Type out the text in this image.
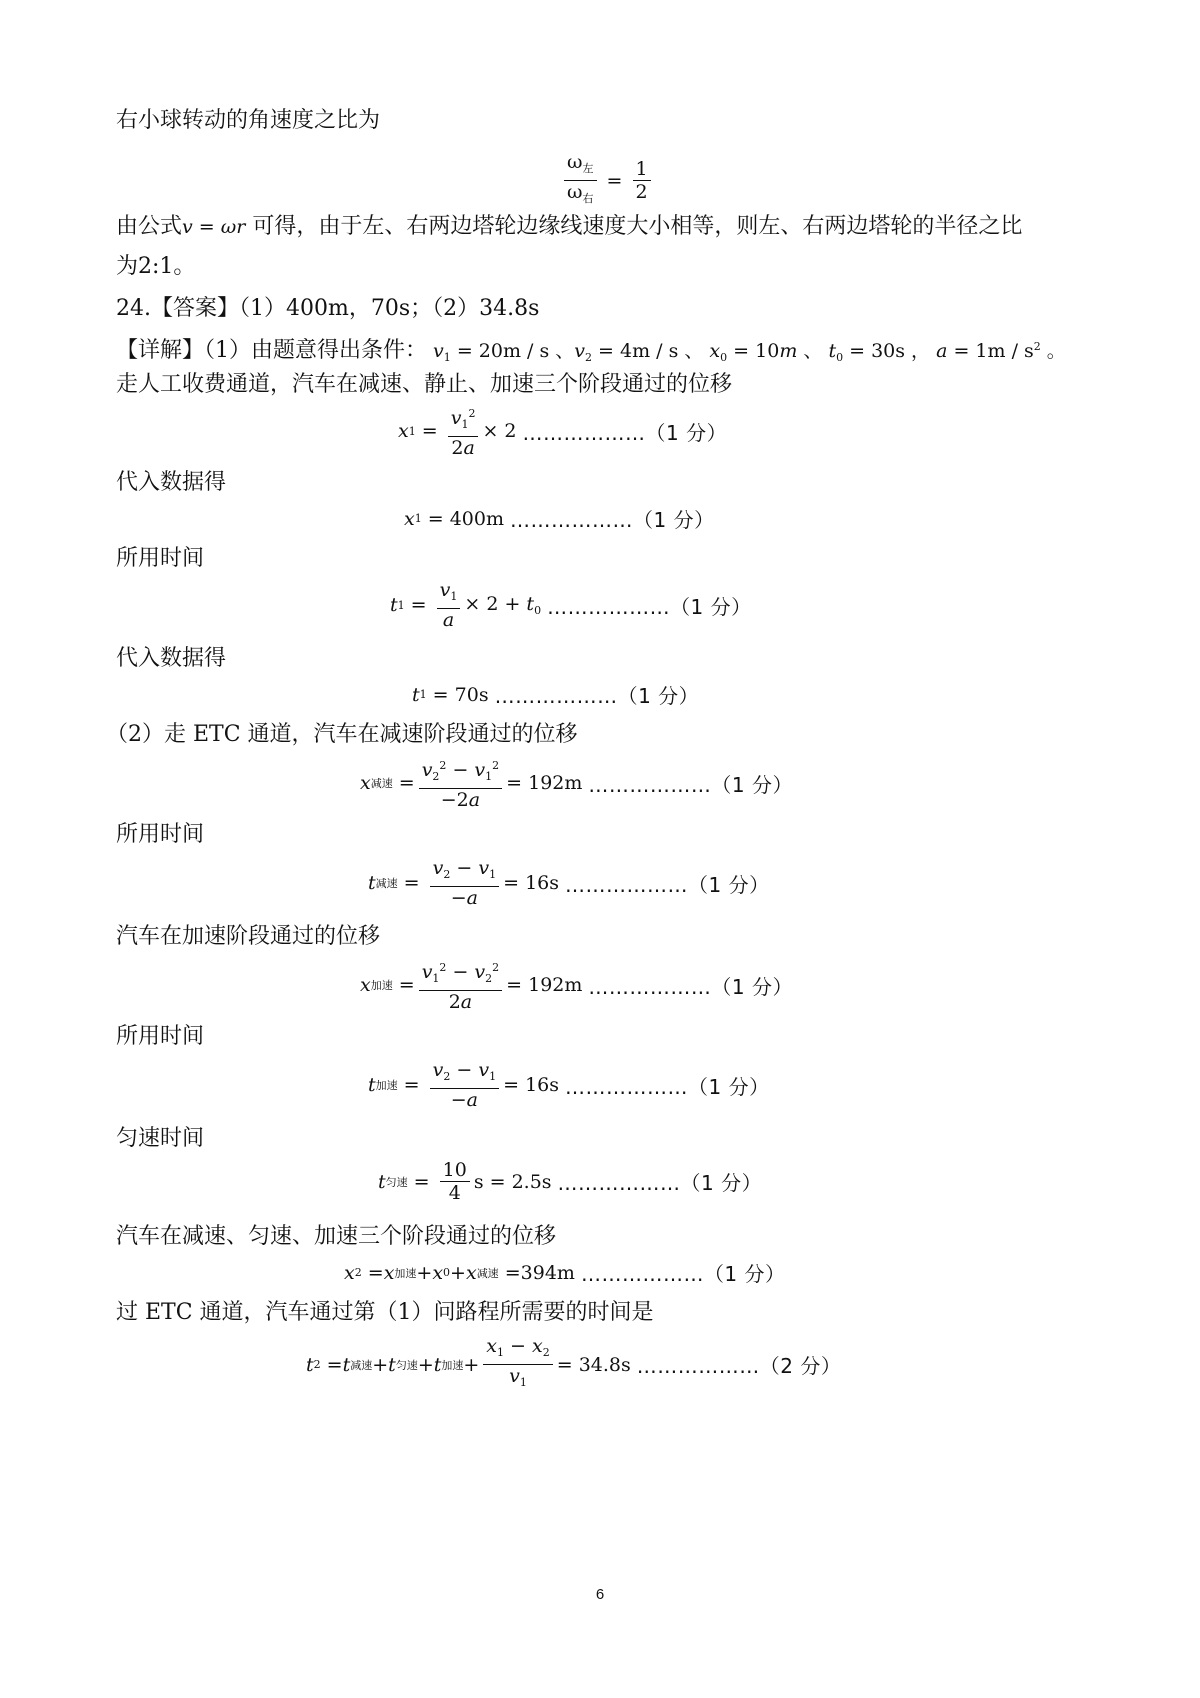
右小球转动的角速度之比为
$\frac{\omega_左}{\omega_右} = \frac{1}{2}$
由公式v = ωr 可得，由于左、右两边塔轮边缘线速度大小相等，则左、右两边塔轮的半径之比
为2:1。
24.【答案】（1）400m，70s；（2）34.8s
【详解】（1）由题意得出条件： $v_1 = 20m / s$ 、$v_2 = 4m / s$ 、 $x_0 = 10m$ 、 $t_0 = 30s$ ， $a = 1m / s^2$ 。
走人工收费通道，汽车在减速、静止、加速三个阶段通过的位移
x $1 = \frac{v_1^2}{2a} \times 2$ ………………（1 分）
代入数据得
x 1 = 400m ………………（1 分）
所用时间
t $1 = \frac{v_1}{a} \times 2 + t_0$ ………………（1 分）
代入数据得
t 1 = 70s ………………（1 分）
（2）走 ETC 通道，汽车在减速阶段通过的位移
x 减速 = $\frac{v_2^2 - v_1^2}{-2a} = 192m$ ………………（1 分）
所用时间
t 减速 = $\frac{v_2 - v_1}{-a} = 16s$ ………………（1 分）
汽车在加速阶段通过的位移
x 加速 = $\frac{v_1^2 - v_2^2}{2a} = 192m$ ………………（1 分）
所用时间
t 加速 = $\frac{v_2 - v_1}{-a} = 16s$ ………………（1 分）
匀速时间
t 匀速 = $\frac{10}{4}$ s = 2.5s ………………（1 分）
汽车在减速、匀速、加速三个阶段通过的位移
x 2 = x 加速 + x 0 + x 减速 =394m ………………（1 分）
过 ETC 通道，汽车通过第（1）问路程所需要的时间是
t 2 = t 减速 + t 匀速 + t 加速 + $\frac{x_1 - x_2}{v_1} = 34.8s$ ………………（2 分）
6
